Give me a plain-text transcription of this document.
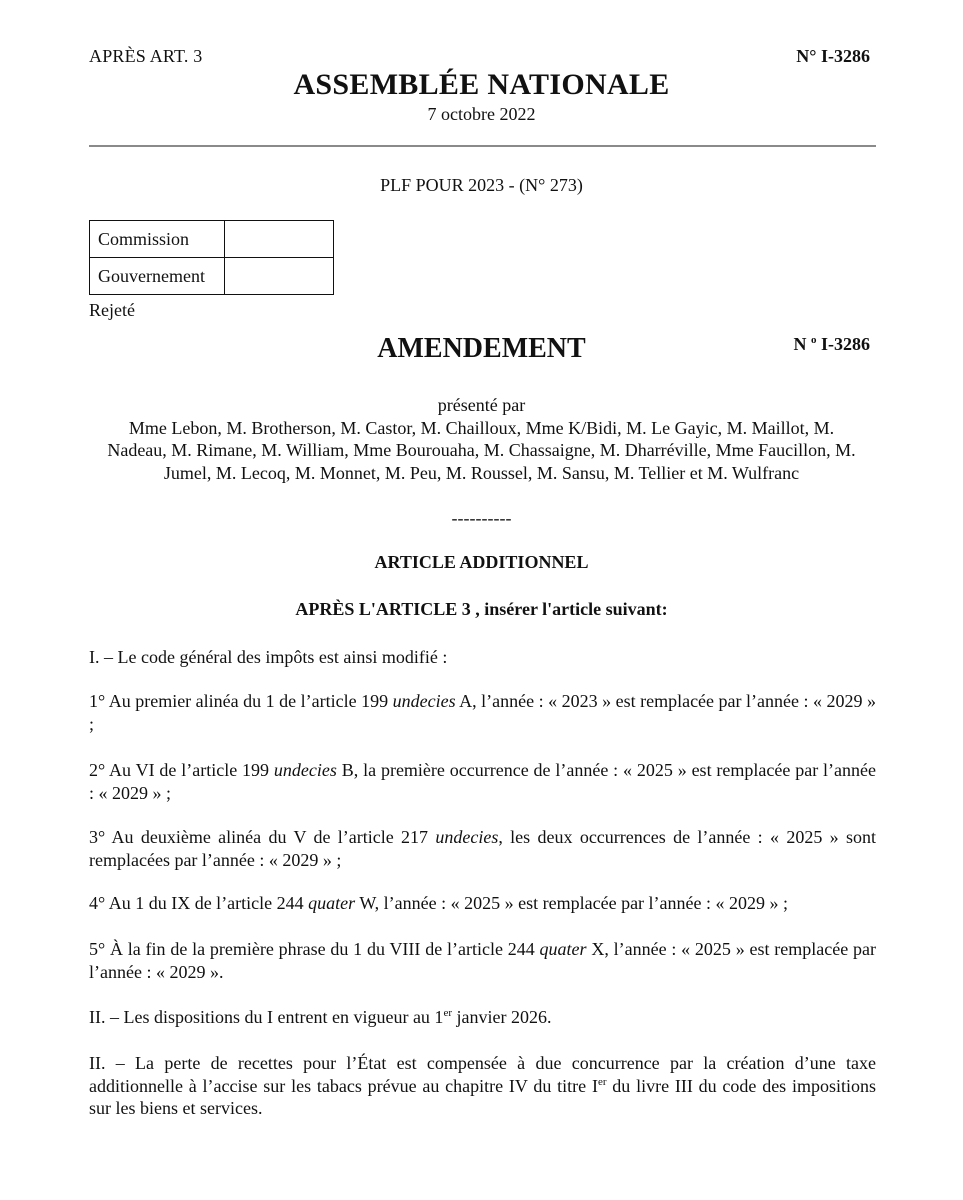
APRÈS ART. 3	N° I-3286
ASSEMBLÉE NATIONALE
7 octobre 2022
PLF POUR 2023 - (N° 273)
Commission	
Gouvernement	
Rejeté
AMENDEMENT	N $^o$ I-3286
présenté par
Mme Lebon, M. Brotherson, M. Castor, M. Chailloux, Mme K/Bidi, M. Le Gayic, M. Maillot, M. Nadeau, M. Rimane, M. William, Mme Bourouaha, M. Chassaigne, M. Dharréville, Mme Faucillon, M. Jumel, M. Lecoq, M. Monnet, M. Peu, M. Roussel, M. Sansu, M. Tellier et M. Wulfranc
----------
ARTICLE ADDITIONNEL
APRÈS L'ARTICLE 3 , insérer l'article suivant:
I. – Le code général des impôts est ainsi modifié :
1° Au premier alinéa du 1 de l’article 199 undecies A, l’année : « 2023 » est remplacée par l’année : « 2029 » ;
2° Au VI de l’article 199 undecies B, la première occurrence de l’année : « 2025 » est remplacée par l’année : « 2029 » ;
3° Au deuxième alinéa du V de l’article 217 undecies, les deux occurrences de l’année : « 2025 » sont remplacées par l’année : « 2029 » ;
4° Au 1 du IX de l’article 244 quater W, l’année : « 2025 » est remplacée par l’année : « 2029 » ;
5° À la fin de la première phrase du 1 du VIII de l’article 244 quater X, l’année : « 2025 » est remplacée par l’année : « 2029 ».
II. – Les dispositions du I entrent en vigueur au 1er janvier 2026.
II. – La perte de recettes pour l’État est compensée à due concurrence par la création d’une taxe additionnelle à l’accise sur les tabacs prévue au chapitre IV du titre Ier du livre III du code des impositions sur les biens et services.
